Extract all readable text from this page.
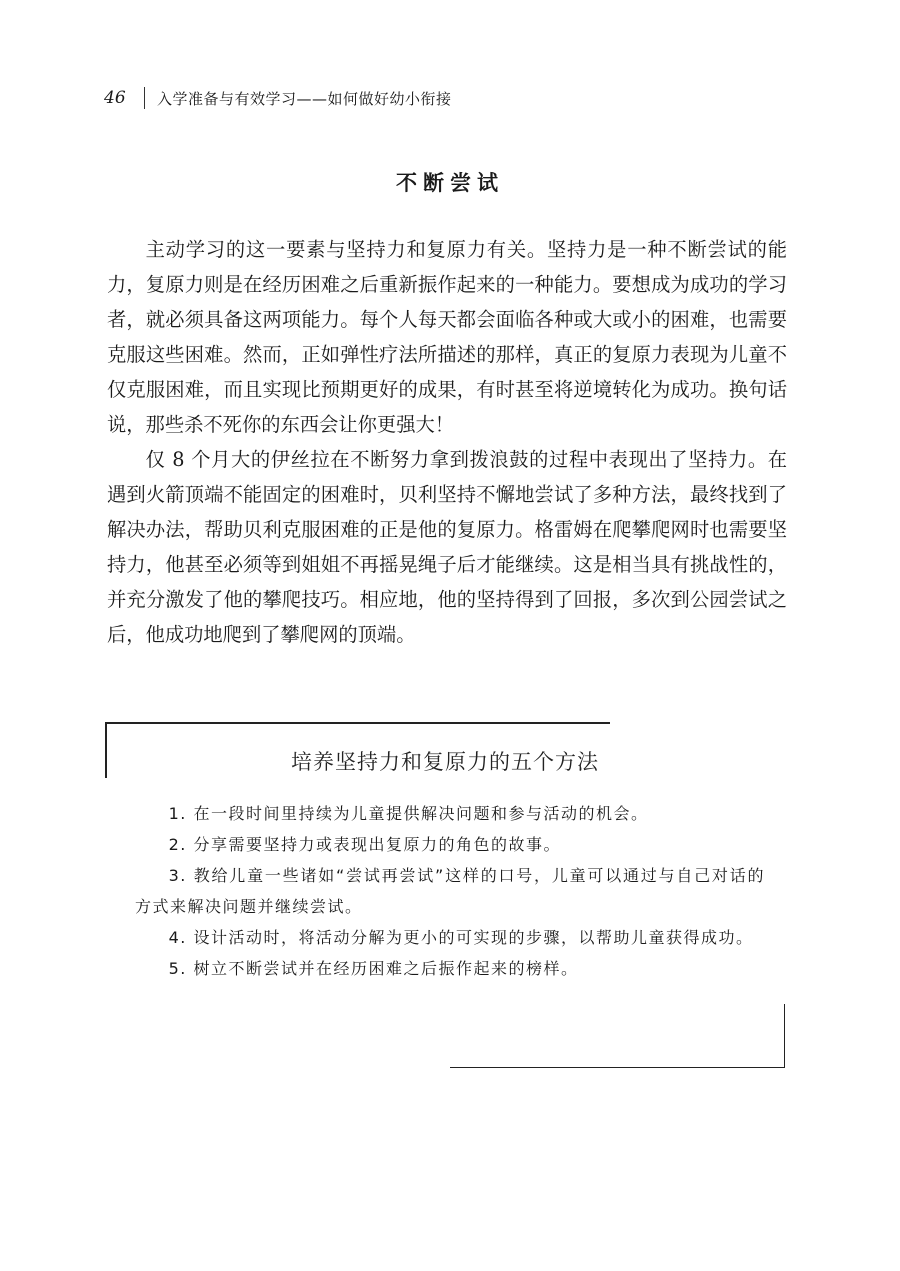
46	入学准备与有效学习——如何做好幼小衔接
不断尝试

主动学习的这一要素与坚持力和复原力有关。坚持力是一种不断尝试的能力，复原力则是在经历困难之后重新振作起来的一种能力。要想成为成功的学习者，就必须具备这两项能力。每个人每天都会面临各种或大或小的困难，也需要克服这些困难。然而，正如弹性疗法所描述的那样，真正的复原力表现为儿童不仅克服困难，而且实现比预期更好的成果，有时甚至将逆境转化为成功。换句话说，那些杀不死你的东西会让你更强大！

仅 8 个月大的伊丝拉在不断努力拿到拨浪鼓的过程中表现出了坚持力。在遇到火箭顶端不能固定的困难时，贝利坚持不懈地尝试了多种方法，最终找到了解决办法，帮助贝利克服困难的正是他的复原力。格雷姆在爬攀爬网时也需要坚持力，他甚至必须等到姐姐不再摇晃绳子后才能继续。这是相当具有挑战性的，并充分激发了他的攀爬技巧。相应地，他的坚持得到了回报，多次到公园尝试之后，他成功地爬到了攀爬网的顶端。

培养坚持力和复原力的五个方法

1. 在一段时间里持续为儿童提供解决问题和参与活动的机会。

2. 分享需要坚持力或表现出复原力的角色的故事。

3. 教给儿童一些诸如“尝试再尝试”这样的口号，儿童可以通过与自己对话的方式来解决问题并继续尝试。

4. 设计活动时，将活动分解为更小的可实现的步骤，以帮助儿童获得成功。

5. 树立不断尝试并在经历困难之后振作起来的榜样。
